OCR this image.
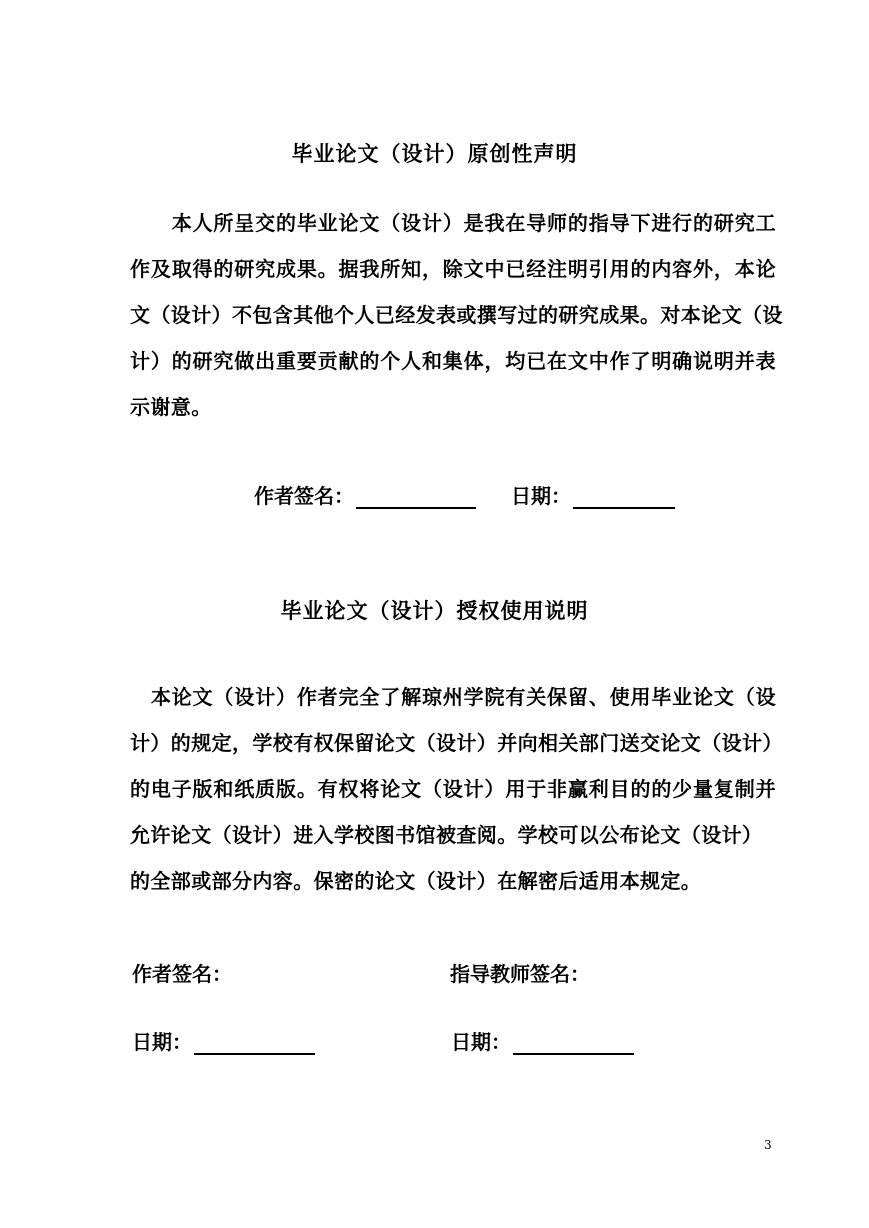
毕业论文（设计）原创性声明
　　本人所呈交的毕业论文（设计）是我在导师的指导下进行的研究工
作及取得的研究成果。据我所知，除文中已经注明引用的内容外，本论
文（设计）不包含其他个人已经发表或撰写过的研究成果。对本论文（设
计）的研究做出重要贡献的个人和集体，均已在文中作了明确说明并表
示谢意。
作者签名：	日期：
毕业论文（设计）授权使用说明
　本论文（设计）作者完全了解琼州学院有关保留、使用毕业论文（设
计）的规定，学校有权保留论文（设计）并向相关部门送交论文（设计）
的电子版和纸质版。有权将论文（设计）用于非赢利目的的少量复制并
允许论文（设计）进入学校图书馆被查阅。学校可以公布论文（设计）
的全部或部分内容。保密的论文（设计）在解密后适用本规定。
作者签名：	指导教师签名：
日期：	日期：
3
